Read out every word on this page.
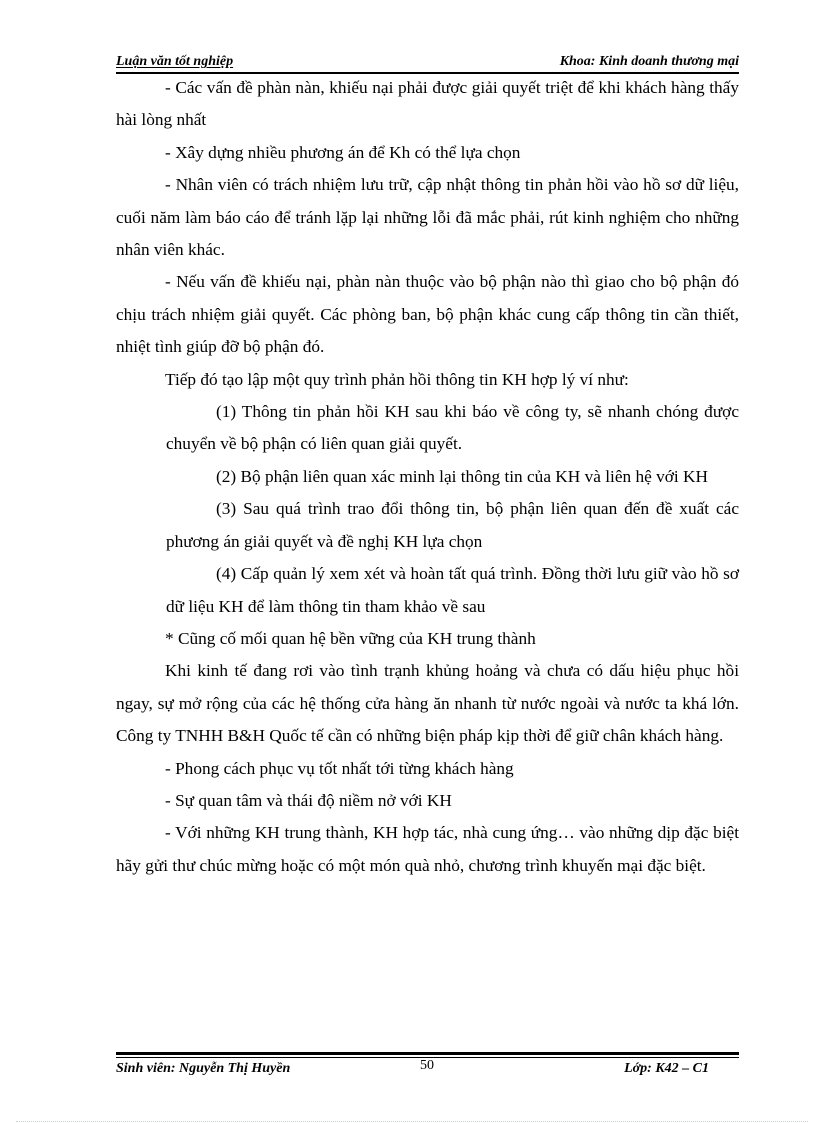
Luận văn tốt nghiệp	Khoa: Kinh doanh thương mại

- Các vấn đề phàn nàn, khiếu nại phải được giải quyết triệt để khi khách hàng thấy hài lòng nhất

- Xây dựng nhiều phương án để Kh có thể lựa chọn

- Nhân viên có trách nhiệm lưu trữ, cập nhật thông tin phản hồi vào hồ sơ dữ liệu, cuối năm làm báo cáo để tránh lặp lại những lỗi đã mắc phải, rút kinh nghiệm cho những nhân viên khác.

- Nếu vấn đề khiếu nại, phàn nàn thuộc vào bộ phận nào thì giao cho bộ phận đó chịu trách nhiệm giải quyết. Các phòng ban, bộ phận khác cung cấp thông tin cần thiết, nhiệt tình giúp đỡ bộ phận đó.

Tiếp đó tạo lập một quy trình phản hồi thông tin KH hợp lý ví như:

(1) Thông tin phản hồi KH sau khi báo về công ty, sẽ nhanh chóng được chuyển về bộ phận có liên quan giải quyết.

(2) Bộ phận liên quan xác minh lại thông tin của KH và liên hệ với KH

(3) Sau quá trình trao đổi thông tin, bộ phận liên quan đến đề xuất các phương án giải quyết và đề nghị KH lựa chọn

(4) Cấp quản lý xem xét và hoàn tất quá trình. Đồng thời lưu giữ vào hồ sơ dữ liệu KH để làm thông tin tham khảo về sau

* Cũng cố mối quan hệ bền vững của KH trung thành

Khi kinh tế đang rơi vào tình trạnh khủng hoảng và chưa có dấu hiệu phục hồi ngay, sự mở rộng của các hệ thống cửa hàng ăn nhanh từ nước ngoài và nước ta khá lớn. Công ty TNHH B&H Quốc tế cần có những biện pháp kịp thời để giữ chân khách hàng.

- Phong cách phục vụ tốt nhất tới từng khách hàng

- Sự quan tâm và thái độ niềm nở với KH

- Với những KH trung thành, KH hợp tác, nhà cung ứng… vào những dịp đặc biệt hãy gửi thư chúc mừng hoặc có một món quà nhỏ, chương trình khuyến mại đặc biệt.

Sinh viên: Nguyễn Thị Huyền	50	Lớp: K42 – C1
